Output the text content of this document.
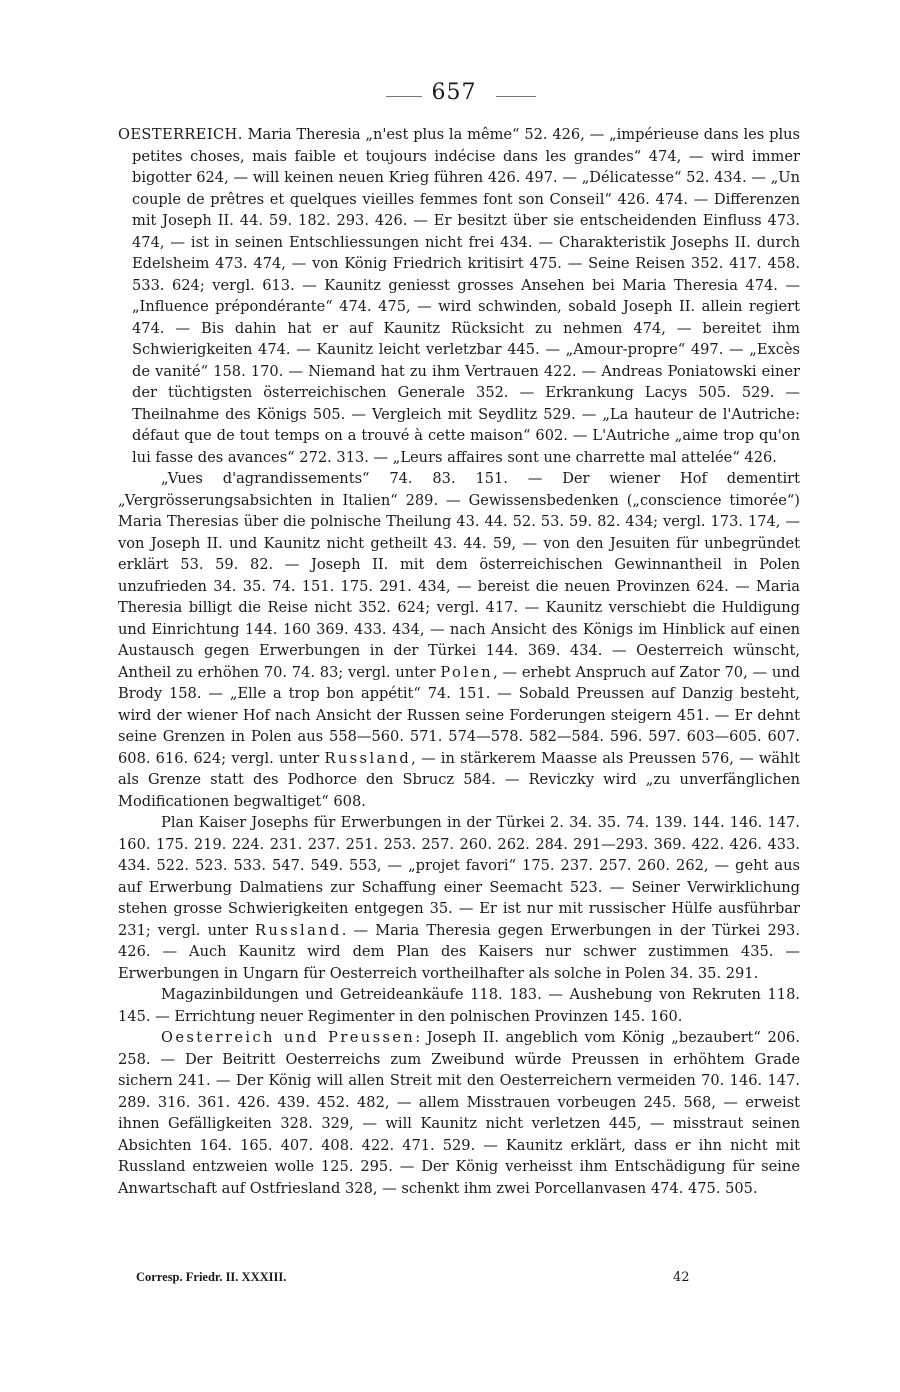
657

OESTERREICH. Maria Theresia „n'est plus la même“ 52. 426, — „impérieuse dans les plus petites choses, mais faible et toujours indécise dans les grandes“ 474, — wird immer bigotter 624, — will keinen neuen Krieg führen 426. 497. — „Délicatesse“ 52. 434. — „Un couple de prêtres et quelques vieilles femmes font son Conseil“ 426. 474. — Differenzen mit Joseph II. 44. 59. 182. 293. 426. — Er besitzt über sie entscheidenden Einfluss 473. 474, — ist in seinen Entschliessungen nicht frei 434. — Charakteristik Josephs II. durch Edelsheim 473. 474, — von König Friedrich kritisirt 475. — Seine Reisen 352. 417. 458. 533. 624; vergl. 613. — Kaunitz geniesst grosses Ansehen bei Maria Theresia 474. — „Influence prépondérante“ 474. 475, — wird schwinden, sobald Joseph II. allein regiert 474. — Bis dahin hat er auf Kaunitz Rücksicht zu nehmen 474, — bereitet ihm Schwierigkeiten 474. — Kaunitz leicht verletzbar 445. — „Amour-propre“ 497. — „Excès de vanité“ 158. 170. — Niemand hat zu ihm Vertrauen 422. — Andreas Poniatowski einer der tüchtigsten österreichischen Generale 352. — Erkrankung Lacys 505. 529. — Theilnahme des Königs 505. — Vergleich mit Seydlitz 529. — „La hauteur de l'Autriche: défaut que de tout temps on a trouvé à cette maison“ 602. — L'Autriche „aime trop qu'on lui fasse des avances“ 272. 313. — „Leurs affaires sont une charrette mal attelée“ 426.

„Vues d'agrandissements“ 74. 83. 151. — Der wiener Hof dementirt „Vergrösserungsabsichten in Italien“ 289. — Gewissensbedenken („conscience timorée“) Maria Theresias über die polnische Theilung 43. 44. 52. 53. 59. 82. 434; vergl. 173. 174, — von Joseph II. und Kaunitz nicht getheilt 43. 44. 59, — von den Jesuiten für unbegründet erklärt 53. 59. 82. — Joseph II. mit dem österreichischen Gewinnantheil in Polen unzufrieden 34. 35. 74. 151. 175. 291. 434, — bereist die neuen Provinzen 624. — Maria Theresia billigt die Reise nicht 352. 624; vergl. 417. — Kaunitz verschiebt die Huldigung und Einrichtung 144. 160 369. 433. 434, — nach Ansicht des Königs im Hinblick auf einen Austausch gegen Erwerbungen in der Türkei 144. 369. 434. — Oesterreich wünscht, Antheil zu erhöhen 70. 74. 83; vergl. unter Polen, — erhebt Anspruch auf Zator 70, — und Brody 158. — „Elle a trop bon appétit“ 74. 151. — Sobald Preussen auf Danzig besteht, wird der wiener Hof nach Ansicht der Russen seine Forderungen steigern 451. — Er dehnt seine Grenzen in Polen aus 558—560. 571. 574—578. 582—584. 596. 597. 603—605. 607. 608. 616. 624; vergl. unter Russland, — in stärkerem Maasse als Preussen 576, — wählt als Grenze statt des Podhorce den Sbrucz 584. — Reviczky wird „zu unverfänglichen Modificationen begwaltiget“ 608.

Plan Kaiser Josephs für Erwerbungen in der Türkei 2. 34. 35. 74. 139. 144. 146. 147. 160. 175. 219. 224. 231. 237. 251. 253. 257. 260. 262. 284. 291—293. 369. 422. 426. 433. 434. 522. 523. 533. 547. 549. 553, — „projet favori“ 175. 237. 257. 260. 262, — geht aus auf Erwerbung Dalmatiens zur Schaffung einer Seemacht 523. — Seiner Verwirklichung stehen grosse Schwierigkeiten entgegen 35. — Er ist nur mit russischer Hülfe ausführbar 231; vergl. unter Russland. — Maria Theresia gegen Erwerbungen in der Türkei 293. 426. — Auch Kaunitz wird dem Plan des Kaisers nur schwer zustimmen 435. — Erwerbungen in Ungarn für Oesterreich vortheilhafter als solche in Polen 34. 35. 291.

Magazinbildungen und Getreideankäufe 118. 183. — Aushebung von Rekruten 118. 145. — Errichtung neuer Regimenter in den polnischen Provinzen 145. 160.

Oesterreich und Preussen: Joseph II. angeblich vom König „bezaubert“ 206. 258. — Der Beitritt Oesterreichs zum Zweibund würde Preussen in erhöhtem Grade sichern 241. — Der König will allen Streit mit den Oesterreichern vermeiden 70. 146. 147. 289. 316. 361. 426. 439. 452. 482, — allem Misstrauen vorbeugen 245. 568, — erweist ihnen Gefälligkeiten 328. 329, — will Kaunitz nicht verletzen 445, — misstraut seinen Absichten 164. 165. 407. 408. 422. 471. 529. — Kaunitz erklärt, dass er ihn nicht mit Russland entzweien wolle 125. 295. — Der König verheisst ihm Entschädigung für seine Anwartschaft auf Ostfriesland 328, — schenkt ihm zwei Porcellanvasen 474. 475. 505.

Corresp. Friedr. II. XXXIII.	42
